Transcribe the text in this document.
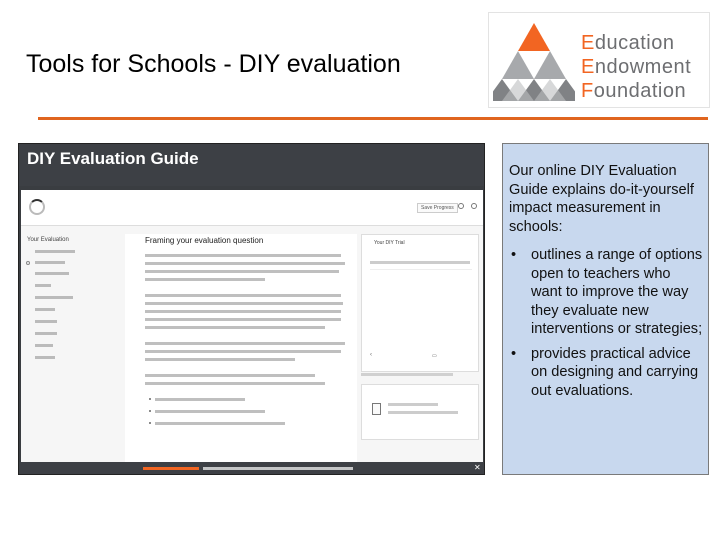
Tools for Schools - DIY evaluation
Education
Endowment
Foundation
DIY Evaluation Guide
Save Progress
Your Evaluation	Framing your evaluation question	Your DIY Trial
‹	▭
✕

Our online DIY Evaluation Guide explains do-it-yourself impact measurement in schools:

• outlines a range of options open to teachers who want to improve the way they evaluate new interventions or strategies;
• provides practical advice on designing and carrying out evaluations.
